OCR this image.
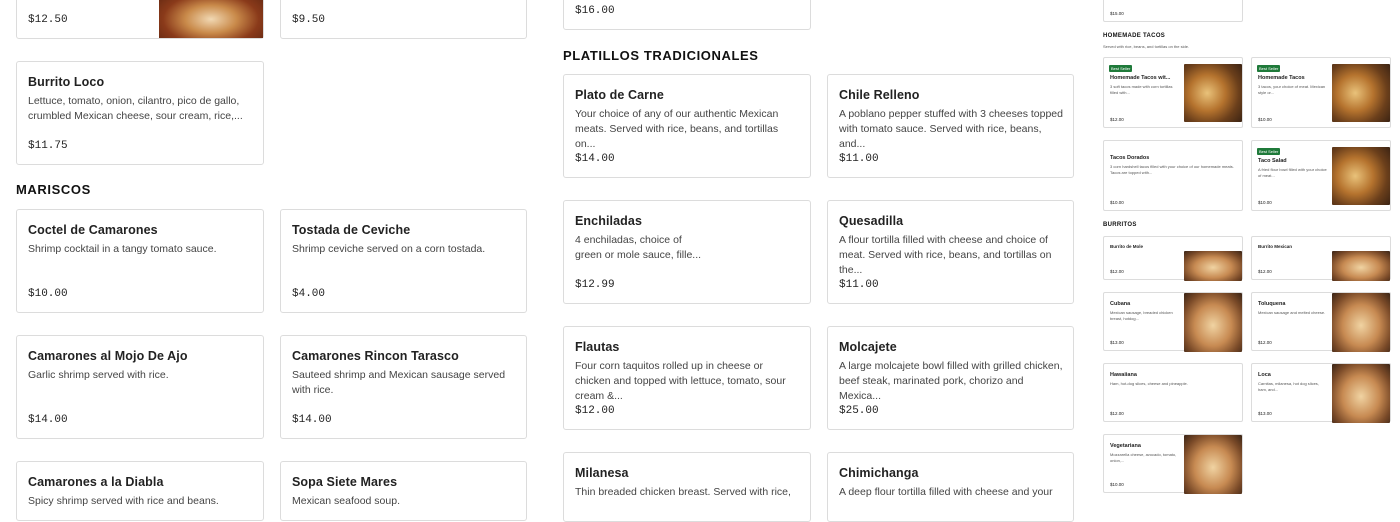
$12.50	$9.50
Burrito Loco
Lettuce, tomato, onion, cilantro, pico de gallo, crumbled Mexican cheese, sour cream, rice,...
$11.75
MARISCOS
Coctel de Camarones
Shrimp cocktail in a tangy tomato sauce.
$10.00
Tostada de Ceviche
Shrimp ceviche served on a corn tostada.
$4.00
Camarones al Mojo De Ajo
Garlic shrimp served with rice.
$14.00
Camarones Rincon Tarasco
Sauteed shrimp and Mexican sausage served with rice.
$14.00
Camarones a la Diabla
Spicy shrimp served with rice and beans.
Sopa Siete Mares
Mexican seafood soup.
$16.00
PLATILLOS TRADICIONALES
Plato de Carne
Your choice of any of our authentic Mexican meats. Served with rice, beans, and tortillas on...
$14.00
Chile Relleno
A poblano pepper stuffed with 3 cheeses topped with tomato sauce. Served with rice, beans, and...
$11.00
Enchiladas
4 enchiladas, choice of green or mole sauce, fille...
$12.99
Quesadilla
A flour tortilla filled with cheese and choice of meat. Served with rice, beans, and tortillas on the...
$11.00
Flautas
Four corn taquitos rolled up in cheese or chicken and topped with lettuce, tomato, sour cream &...
$12.00
Molcajete
A large molcajete bowl filled with grilled chicken, beef steak, marinated pork, chorizo and Mexica...
$25.00
Milanesa
Thin breaded chicken breast. Served with rice,
Chimichanga
A deep flour tortilla filled with cheese and your
$15.00
HOMEMADE TACOS
Served with rice, beans, and tortillas on the side.
Best Seller
Homemade Tacos wit...
3 soft tacos made with corn tortillas filled with...
$12.00
Best Seller
Homemade Tacos
3 tacos, your choice of meat. Mexican style or...
$10.00
Tacos Dorados
3 corn hardshell tacos filled with your choice of our homemade meats. Tacos are topped with...
$10.00
Best Seller
Taco Salad
A fried flour bowl filled with your choice of meat...
$10.00
BURRITOS
Burrito de Mole
$12.00
Burrito Mexican
$12.00
Cubana
Mexican sausage, breaded chicken breast, hotdog...
$13.00
Toluquena
Mexican sausage and melted cheese.
$12.00
Hawaiiana
Ham, hot-dog slices, cheese and pineapple.
$12.00
Loca
Carnitas, milanesa, hot dog slices, ham, and...
$13.00
Vegetariana
Mozzarella cheese, avocado, tomato, onion,...
$10.00
